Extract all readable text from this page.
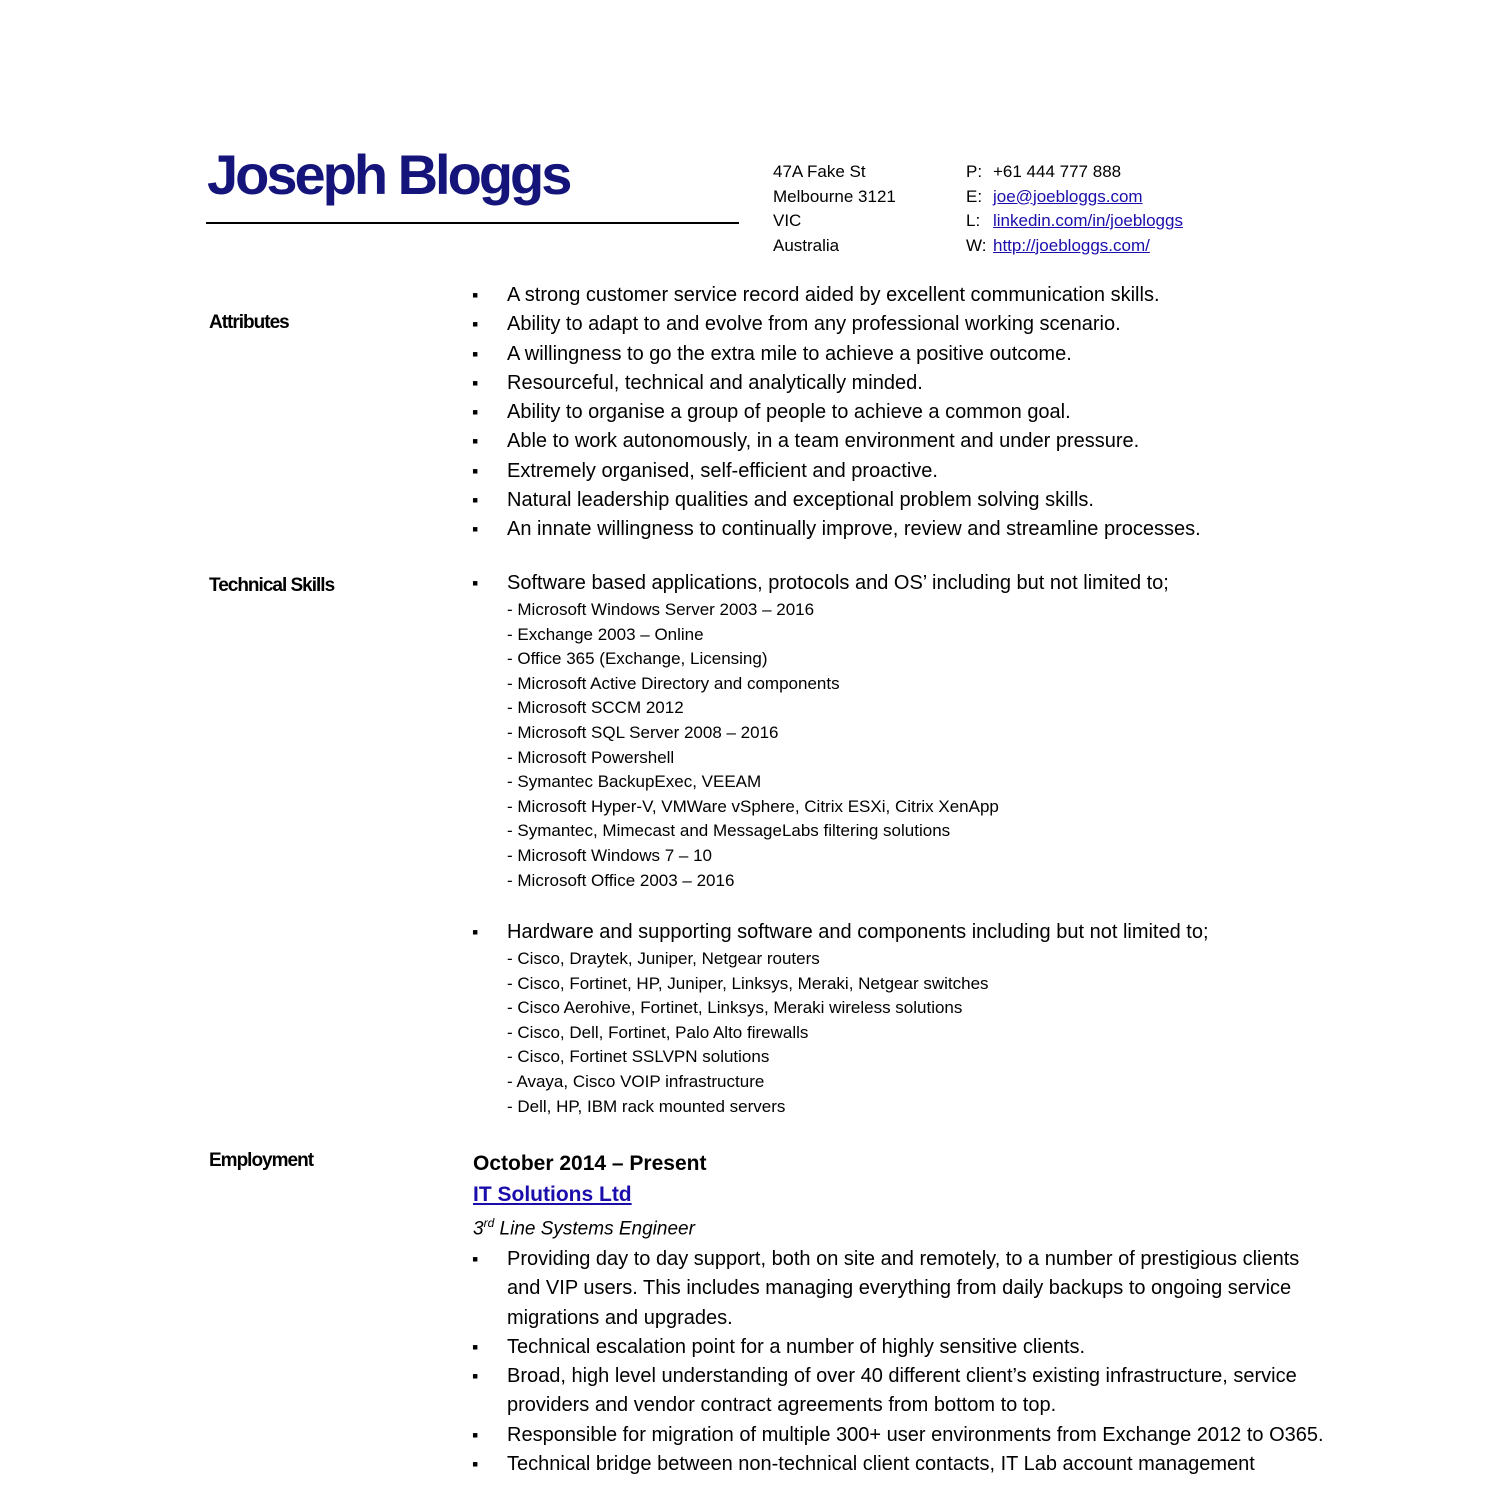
Joseph Bloggs	47A Fake St
Melbourne 3121
VIC
Australia
P: +61 444 777 888
E: joe@joebloggs.com
L: linkedin.com/in/joebloggs
W: http://joebloggs.com/
Attributes
▪ A strong customer service record aided by excellent communication skills.
▪ Ability to adapt to and evolve from any professional working scenario.
▪ A willingness to go the extra mile to achieve a positive outcome.
▪ Resourceful, technical and analytically minded.
▪ Ability to organise a group of people to achieve a common goal.
▪ Able to work autonomously, in a team environment and under pressure.
▪ Extremely organised, self-efficient and proactive.
▪ Natural leadership qualities and exceptional problem solving skills.
▪ An innate willingness to continually improve, review and streamline processes.
Technical Skills
▪	Software based applications, protocols and OS’ including but not limited to;
- Microsoft Windows Server 2003 – 2016
- Exchange 2003 – Online
- Office 365 (Exchange, Licensing)
- Microsoft Active Directory and components
- Microsoft SCCM 2012
- Microsoft SQL Server 2008 – 2016
- Microsoft Powershell
- Symantec BackupExec, VEEAM
- Microsoft Hyper-V, VMWare vSphere, Citrix ESXi, Citrix XenApp
- Symantec, Mimecast and MessageLabs filtering solutions
- Microsoft Windows 7 – 10
- Microsoft Office 2003 – 2016
▪ Hardware and supporting software and components including but not limited to;
- Cisco, Draytek, Juniper, Netgear routers
- Cisco, Fortinet, HP, Juniper, Linksys, Meraki, Netgear switches
- Cisco Aerohive, Fortinet, Linksys, Meraki wireless solutions
- Cisco, Dell, Fortinet, Palo Alto firewalls
- Cisco, Fortinet SSLVPN solutions
- Avaya, Cisco VOIP infrastructure
- Dell, HP, IBM rack mounted servers
Employment	October 2014 – Present
IT Solutions Ltd
3rd Line Systems Engineer
▪ Providing day to day support, both on site and remotely, to a number of prestigious clients and VIP users. This includes managing everything from daily backups to ongoing service migrations and upgrades.
▪ Technical escalation point for a number of highly sensitive clients.
▪ Broad, high level understanding of over 40 different client’s existing infrastructure, service providers and vendor contract agreements from bottom to top.
▪ Responsible for migration of multiple 300+ user environments from Exchange 2012 to O365.
▪ Technical bridge between non-technical client contacts, IT Lab account management
